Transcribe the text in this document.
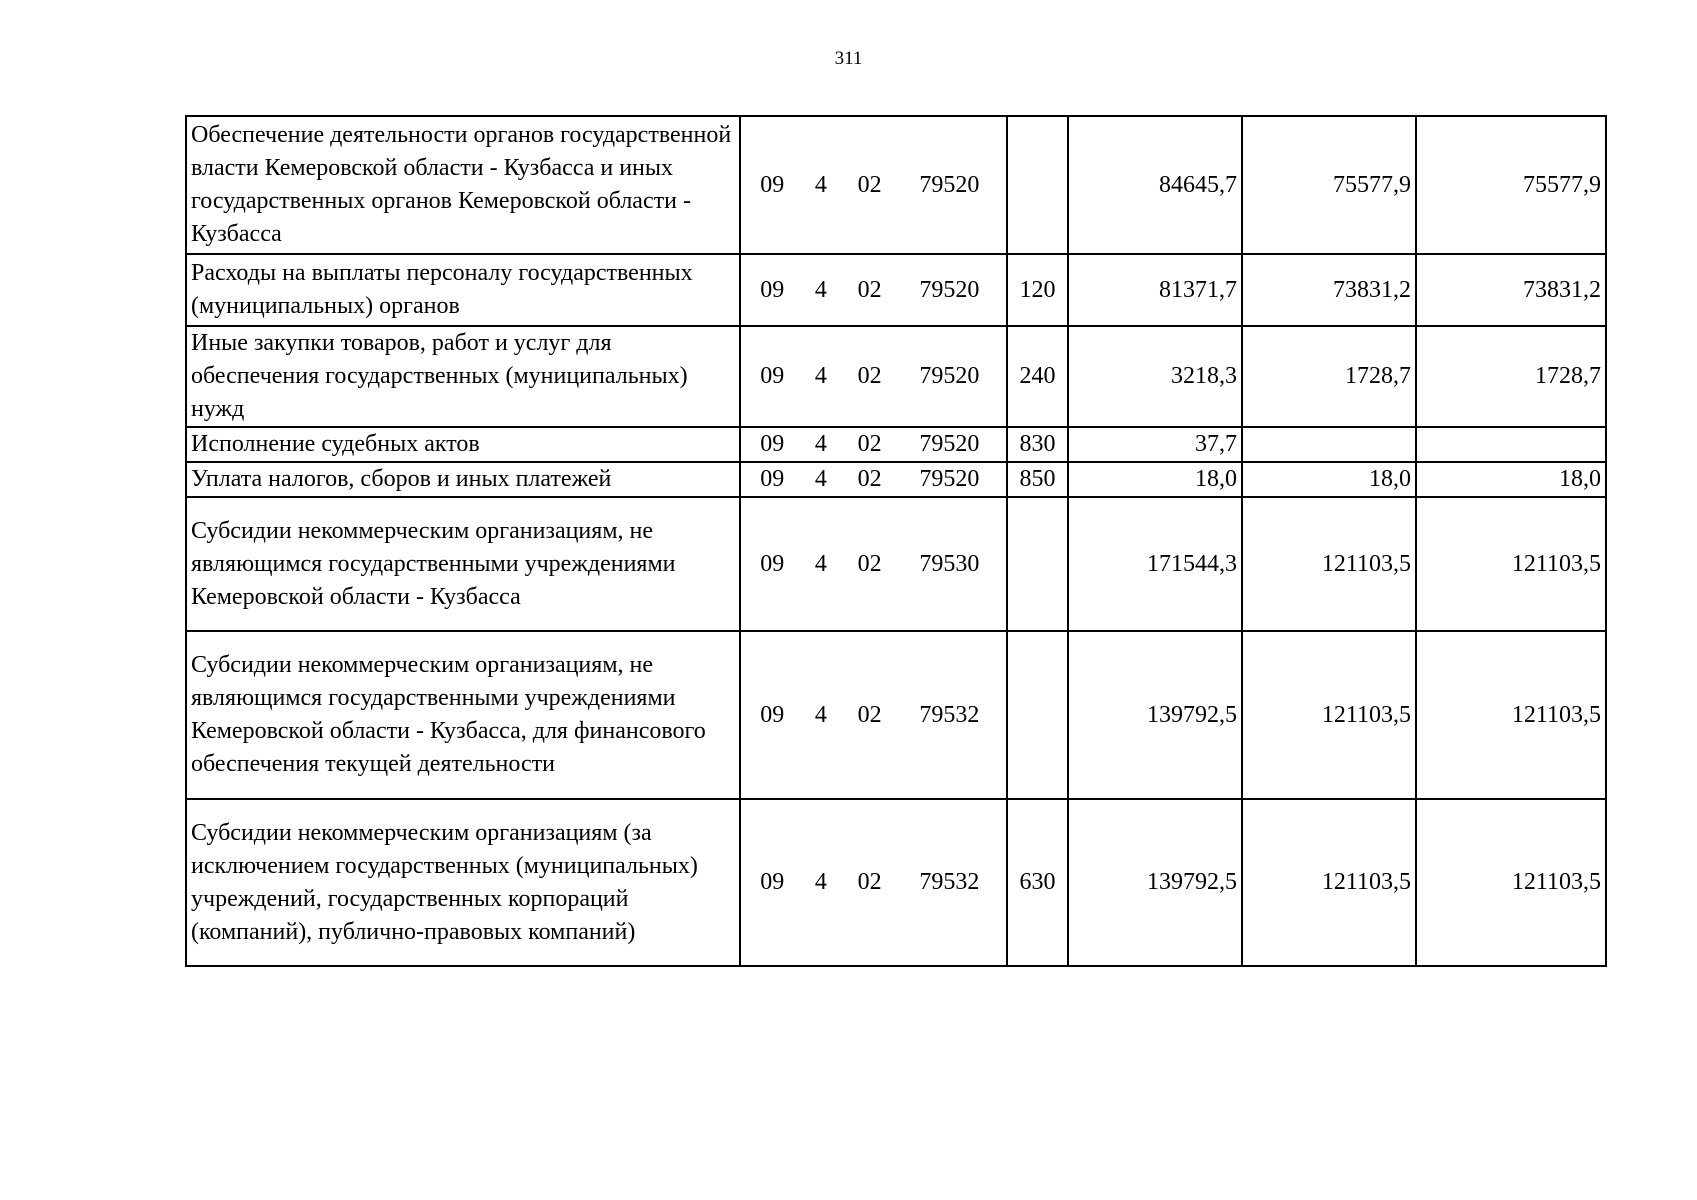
311
Обеспечение деятельности органов государственной власти Кемеровской области - Кузбасса и иных государственных органов Кемеровской области - Кузбасса	09 4 02 79520		84645,7	75577,9	75577,9
Расходы на выплаты персоналу государственных (муниципальных) органов	09 4 02 79520	120	81371,7	73831,2	73831,2
Иные закупки товаров, работ и услуг для обеспечения государственных (муниципальных) нужд	09 4 02 79520	240	3218,3	1728,7	1728,7
Исполнение судебных актов	09 4 02 79520	830	37,7		
Уплата налогов, сборов и иных платежей	09 4 02 79520	850	18,0	18,0	18,0
Субсидии некоммерческим организациям, не являющимся государственными учреждениями Кемеровской области - Кузбасса	09 4 02 79530		171544,3	121103,5	121103,5
Субсидии некоммерческим организациям, не являющимся государственными учреждениями Кемеровской области - Кузбасса, для финансового обеспечения текущей деятельности	09 4 02 79532		139792,5	121103,5	121103,5
Субсидии некоммерческим организациям (за исключением государственных (муниципальных) учреждений, государственных корпораций (компаний), публично-правовых компаний)	09 4 02 79532	630	139792,5	121103,5	121103,5
